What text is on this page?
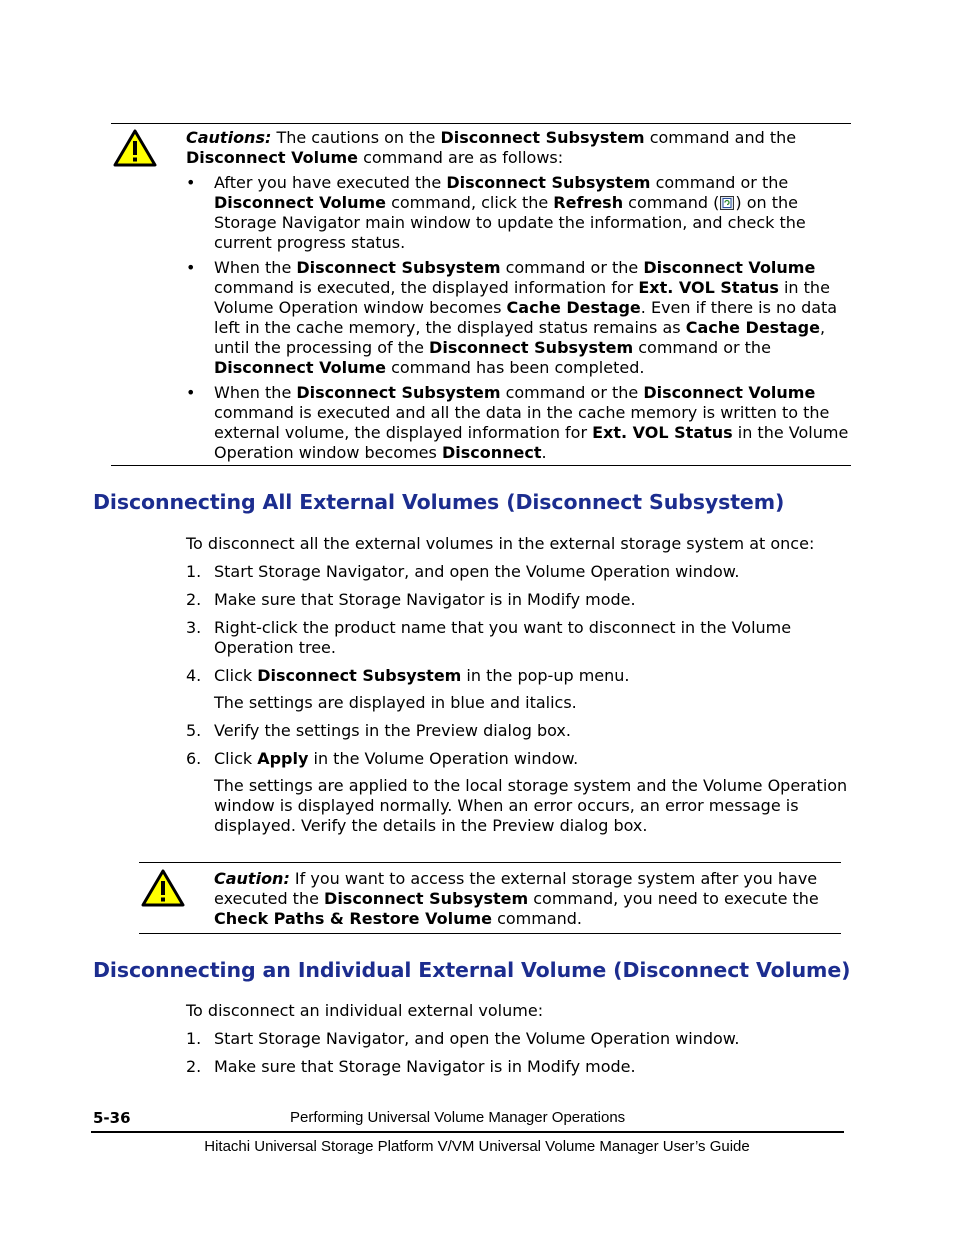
Cautions: The cautions on the Disconnect Subsystem command and the Disconnect Volume command are as follows:

•	After you have executed the Disconnect Subsystem command or the Disconnect Volume command, click the Refresh command ( ) on the Storage Navigator main window to update the information, and check the current progress status.
•	When the Disconnect Subsystem command or the Disconnect Volume command is executed, the displayed information for Ext. VOL Status in the Volume Operation window becomes Cache Destage. Even if there is no data left in the cache memory, the displayed status remains as Cache Destage, until the processing of the Disconnect Subsystem command or the Disconnect Volume command has been completed.
•	When the Disconnect Subsystem command or the Disconnect Volume command is executed and all the data in the cache memory is written to the external volume, the displayed information for Ext. VOL Status in the Volume Operation window becomes Disconnect.
Disconnecting All External Volumes (Disconnect Subsystem)

To disconnect all the external volumes in the external storage system at once:

1. Start Storage Navigator, and open the Volume Operation window.
2. Make sure that Storage Navigator is in Modify mode.
3. Right-click the product name that you want to disconnect in the Volume Operation tree.
4. Click Disconnect Subsystem in the pop-up menu.
The settings are displayed in blue and italics.
5. Verify the settings in the Preview dialog box.
6. Click Apply in the Volume Operation window.
The settings are applied to the local storage system and the Volume Operation window is displayed normally. When an error occurs, an error message is displayed. Verify the details in the Preview dialog box.

Caution: If you want to access the external storage system after you have executed the Disconnect Subsystem command, you need to execute the Check Paths & Restore Volume command.

Disconnecting an Individual External Volume (Disconnect Volume)

To disconnect an individual external volume:

1. Start Storage Navigator, and open the Volume Operation window.
2. Make sure that Storage Navigator is in Modify mode.
5-36	Performing Universal Volume Manager Operations
Hitachi Universal Storage Platform V/VM Universal Volume Manager User’s Guide
